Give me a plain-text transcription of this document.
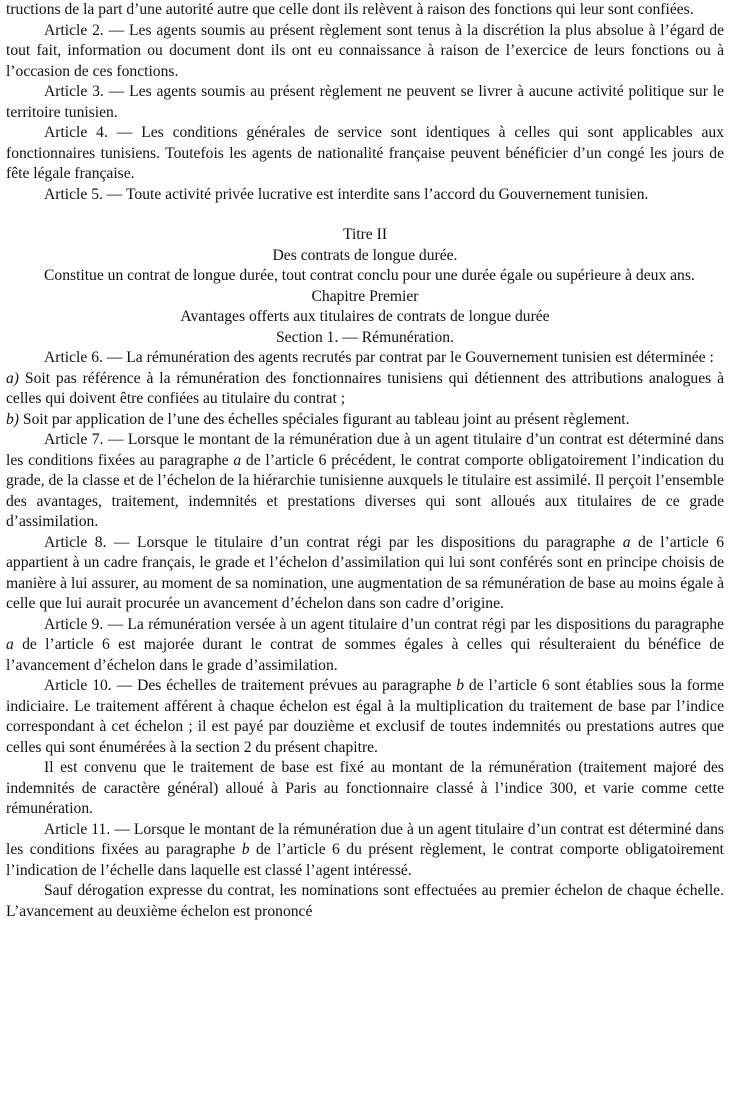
tructions de la part d’une autorité autre que celle dont ils relèvent à raison des fonctions qui leur sont confiées.

Article 2. — Les agents soumis au présent règlement sont tenus à la discrétion la plus absolue à l’égard de tout fait, information ou document dont ils ont eu connaissance à raison de l’exercice de leurs fonctions ou à l’occasion de ces fonctions.

Article 3. — Les agents soumis au présent règlement ne peuvent se livrer à aucune activité politique sur le territoire tunisien.

Article 4. — Les conditions générales de service sont identiques à celles qui sont applicables aux fonctionnaires tunisiens. Toutefois les agents de nationalité française peuvent bénéficier d’un congé les jours de fête légale française.

Article 5. — Toute activité privée lucrative est interdite sans l’accord du Gouvernement tunisien.

Titre II

Des contrats de longue durée.

Constitue un contrat de longue durée, tout contrat conclu pour une durée égale ou supérieure à deux ans.

Chapitre Premier

Avantages offerts aux titulaires de contrats de longue durée

Section 1. — Rémunération.

Article 6. — La rémunération des agents recrutés par contrat par le Gouvernement tunisien est déterminée :

a) Soit pas référence à la rémunération des fonctionnaires tunisiens qui détiennent des attributions analogues à celles qui doivent être confiées au titulaire du contrat ;

b) Soit par application de l’une des échelles spéciales figurant au tableau joint au présent règlement.

Article 7. — Lorsque le montant de la rémunération due à un agent titulaire d’un contrat est déterminé dans les conditions fixées au paragraphe a de l’article 6 précédent, le contrat comporte obligatoirement l’indication du grade, de la classe et de l’échelon de la hiérarchie tunisienne auxquels le titulaire est assimilé. Il perçoit l’ensemble des avantages, traitement, indemnités et prestations diverses qui sont alloués aux titulaires de ce grade d’assimilation.

Article 8. — Lorsque le titulaire d’un contrat régi par les dispositions du paragraphe a de l’article 6 appartient à un cadre français, le grade et l’échelon d’assimilation qui lui sont conférés sont en principe choisis de manière à lui assurer, au moment de sa nomination, une augmentation de sa rémunération de base au moins égale à celle que lui aurait procurée un avancement d’échelon dans son cadre d’origine.

Article 9. — La rémunération versée à un agent titulaire d’un contrat régi par les dispositions du paragraphe a de l’article 6 est majorée durant le contrat de sommes égales à celles qui résulteraient du bénéfice de l’avancement d’échelon dans le grade d’assimilation.

Article 10. — Des échelles de traitement prévues au paragraphe b de l’article 6 sont établies sous la forme indiciaire. Le traitement afférent à chaque échelon est égal à la multiplication du traitement de base par l’indice correspondant à cet échelon ; il est payé par douzième et exclusif de toutes indemnités ou prestations autres que celles qui sont énumérées à la section 2 du présent chapitre.

Il est convenu que le traitement de base est fixé au montant de la rémunération (traitement majoré des indemnités de caractère général) alloué à Paris au fonctionnaire classé à l’indice 300, et varie comme cette rémunération.

Article 11. — Lorsque le montant de la rémunération due à un agent titulaire d’un contrat est déterminé dans les conditions fixées au paragraphe b de l’article 6 du présent règlement, le contrat comporte obligatoirement l’indication de l’échelle dans laquelle est classé l’agent intéressé.

Sauf dérogation expresse du contrat, les nominations sont effectuées au premier échelon de chaque échelle. L’avancement au deuxième échelon est prononcé
